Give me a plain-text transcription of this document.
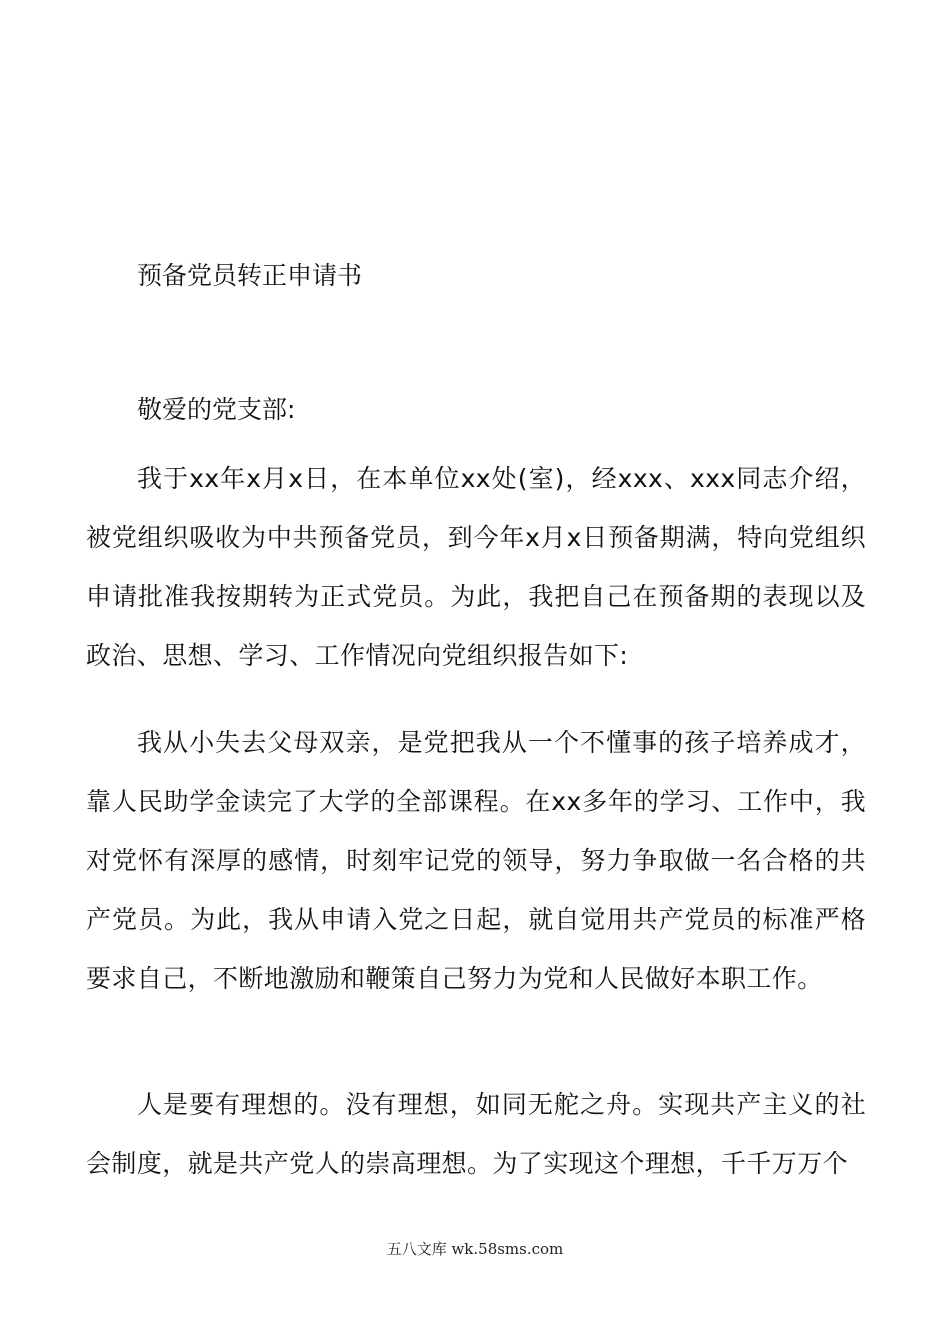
预备党员转正申请书
敬爱的党支部:

我于xx年x月x日，在本单位xx处(室)，经xxx、xxx同志介绍，被党组织吸收为中共预备党员，到今年x月x日预备期满，特向党组织申请批准我按期转为正式党员。为此，我把自己在预备期的表现以及政治、思想、学习、工作情况向党组织报告如下:

我从小失去父母双亲，是党把我从一个不懂事的孩子培养成才，靠人民助学金读完了大学的全部课程。在xx多年的学习、工作中，我对党怀有深厚的感情，时刻牢记党的领导，努力争取做一名合格的共产党员。为此，我从申请入党之日起，就自觉用共产党员的标准严格要求自己，不断地激励和鞭策自己努力为党和人民做好本职工作。

人是要有理想的。没有理想，如同无舵之舟。实现共产主义的社会制度，就是共产党人的崇高理想。为了实现这个理想，千千万万个

五八文库 wk.58sms.com
